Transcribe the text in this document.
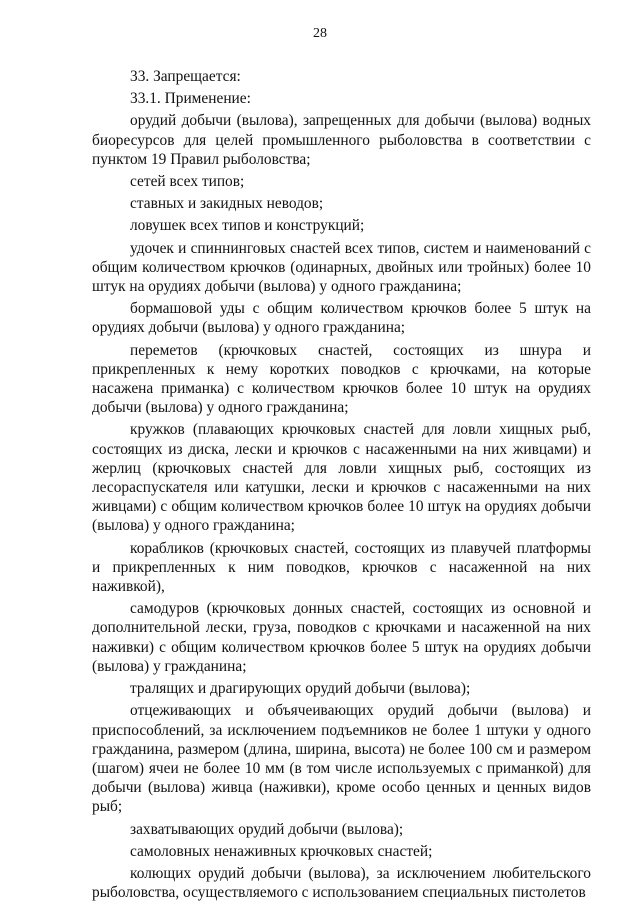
28

33. Запрещается:

33.1. Применение:

орудий добычи (вылова), запрещенных для добычи (вылова) водных биоресурсов для целей промышленного рыболовства в соответствии с пунктом 19 Правил рыболовства;

сетей всех типов;

ставных и закидных неводов;

ловушек всех типов и конструкций;

удочек и спиннинговых снастей всех типов, систем и наименований с общим количеством крючков (одинарных, двойных или тройных) более 10 штук на орудиях добычи (вылова) у одного гражданина;

бормашовой уды с общим количеством крючков более 5 штук на орудиях добычи (вылова) у одного гражданина;

переметов (крючковых снастей, состоящих из шнура и прикрепленных к нему коротких поводков с крючками, на которые насажена приманка) с количеством крючков более 10 штук на орудиях добычи (вылова) у одного гражданина;

кружков (плавающих крючковых снастей для ловли хищных рыб, состоящих из диска, лески и крючков с насаженными на них живцами) и жерлиц (крючковых снастей для ловли хищных рыб, состоящих из лесораспускателя или катушки, лески и крючков с насаженными на них живцами) с общим количеством крючков более 10 штук на орудиях добычи (вылова) у одного гражданина;

корабликов (крючковых снастей, состоящих из плавучей платформы и прикрепленных к ним поводков, крючков с насаженной на них наживкой),

самодуров (крючковых донных снастей, состоящих из основной и дополнительной лески, груза, поводков с крючками и насаженной на них наживки) с общим количеством крючков более 5 штук на орудиях добычи (вылова) у гражданина;

тралящих и драгирующих орудий добычи (вылова);

отцеживающих и объячеивающих орудий добычи (вылова) и приспособлений, за исключением подъемников не более 1 штуки у одного гражданина, размером (длина, ширина, высота) не более 100 см и размером (шагом) ячеи не более 10 мм (в том числе используемых с приманкой) для добычи (вылова) живца (наживки), кроме особо ценных и ценных видов рыб;

захватывающих орудий добычи (вылова);

самоловных ненаживных крючковых снастей;

колющих орудий добычи (вылова), за исключением любительского рыболовства, осуществляемого с использованием специальных пистолетов
